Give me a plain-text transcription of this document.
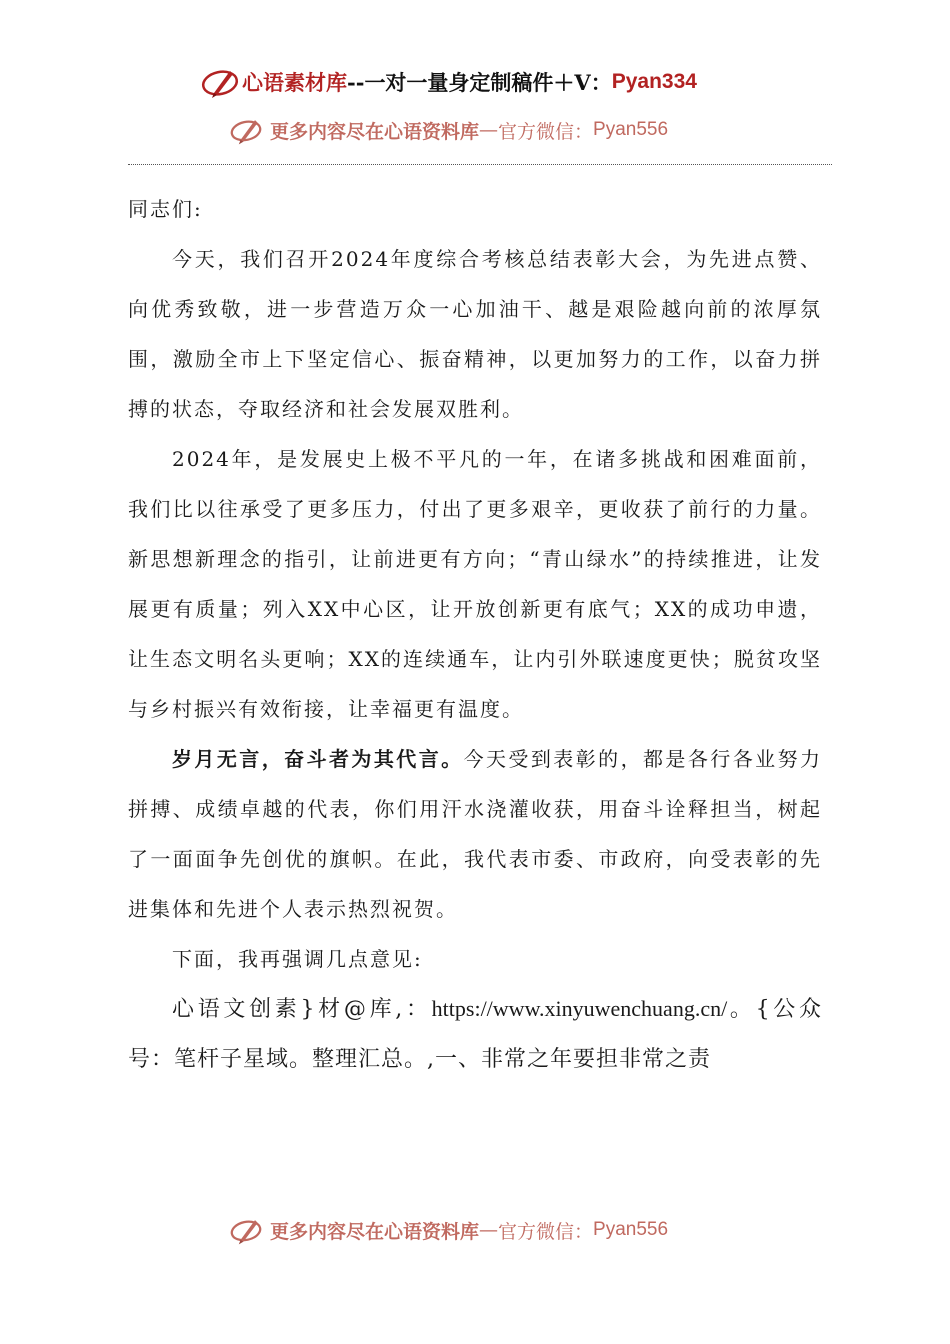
心语素材库 -- 一对一量身定制稿件＋V： Pyan334
更多内容尽在心语资料库 — 官方微信： Pyan556

同志们:

今天，我们召开2024年度综合考核总结表彰大会，为先进点赞、向优秀致敬，进一步营造万众一心加油干、越是艰险越向前的浓厚氛围，激励全市上下坚定信心、振奋精神，以更加努力的工作，以奋力拼搏的状态，夺取经济和社会发展双胜利。

2024年，是发展史上极不平凡的一年，在诸多挑战和困难面前，我们比以往承受了更多压力，付出了更多艰辛，更收获了前行的力量。新思想新理念的指引，让前进更有方向；“青山绿水”的持续推进，让发展更有质量；列入XX中心区，让开放创新更有底气；XX的成功申遗，让生态文明名头更响；XX的连续通车，让内引外联速度更快；脱贫攻坚与乡村振兴有效衔接，让幸福更有温度。

岁月无言，奋斗者为其代言。今天受到表彰的，都是各行各业努力拼搏、成绩卓越的代表，你们用汗水浇灌收获，用奋斗诠释担当，树起了一面面争先创优的旗帜。在此，我代表市委、市政府，向受表彰的先进集体和先进个人表示热烈祝贺。

下面，我再强调几点意见:

心语文创素}材@库,：https://www.xinyuwenchuang.cn/。{公众号：笔杆子星域。整理汇总。,一、非常之年要担非常之责

更多内容尽在心语资料库 — 官方微信： Pyan556
